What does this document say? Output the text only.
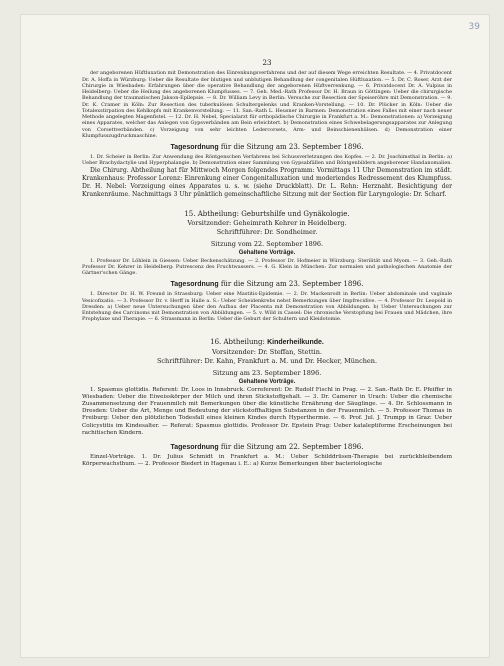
39
23

der angeborenen Hüftluxation mit Demonstration des Einrenkungsverfahrens und der auf diesem Wege erreichten Resultate. — 4. Privatdocent Dr. A. Hoffa in Würzburg: Ueber die Resultate der blutigen und unblutigen Behandlung der congenitalen Hüftluxation. — 5. Dr. C. Roser, Arzt der Chirurgie in Wiesbaden: Erfahrungen über die operative Behandlung der angeborenen Hüftverrenkung. — 6. Privatdocent Dr. A. Vulpius in Heidelberg: Ueber die Heilung des angeborenen Klumpfusses. — 7. Geh. Med.-Rath Professor Dr. H. Braun in Göttingen: Ueber die chirurgische Behandlung der traumatischen Jakson-Epilepsie. — 8. Dr. William Levy in Berlin: Versuche zur Resection der Speiseröhre mit Demonstration. — 9. Dr. K. Cramer in Köln: Zur Resection des tuberkulösen Schultergelenks und Kranken-Vorstellung. — 10. Dr. Plücker in Köln: Ueber die Totalexstirpation des Kehlkopfs mit Krankenvorstellung. — 11. San.-Rath L. Heusner in Barmen: Demonstration eines Falles mit einer nach neuer Methode angelegten Magenfistel. — 12. Dr. H. Nebel, Specialarzt für orthopädische Chirurgie in Frankfurt a. M.: Demonstrationen: a) Vorzeigung eines Apparates, welcher das Anlegen von Gypsverbänden am Bein erleichtert. b) Demonstration eines Schwebelagerungsapparates zur Anlegung von Corsettverbänden. c) Vorzeigung von sehr leichten Ledercorsets, Arm- und Beinschienenhülsen. d) Demonstration einer Klumpfusszugdruckmaschine.

Tagesordnung für die Sitzung am 23. September 1896.

1. Dr. Scheier in Berlin: Zur Anwendung des Röntgenschen Verfahrens bei Schussverletzungen des Kopfes. — 2. Dr. Joachimsthal in Berlin: a) Ueber Brachydactylie und Hyperphalangie. b) Demonstration einer Sammlung von Gypsabfällen und Röntgenbildern angeborener Handanomalien.

Die Chirurg. Abtheilung hat für Mittwoch Morgen folgendes Programm: Vormittags 11 Uhr Demonstration im städt. Krankenhaus: Professor Lorenz: Einrenkung einer Congenitalluxation und moderiendes Redressement des Klumpfuss. Dr. H. Nebel: Vorzeigung eines Apparates u. s. w. (siehe Druckblatt). Dr. L. Rehn: Herznaht. Besichtigung der Krankenräume. Nachmittags 3 Uhr pünktlich gemeinschaftliche Sitzung mit der Section für Laryngologie: Dr. Scharf.

15. Abtheilung: Geburtshilfe und Gynäkologie.

Vorsitzender: Geheimrath Kehrer in Heidelberg.

Schriftführer: Dr. Sondheimer.

Sitzung vom 22. September 1896.

Gehaltene Vorträge.

1. Professor Dr. Löhlein in Giessen: Ueber Beckenschätzung. — 2. Professor Dr. Hofmeier in Würzburg: Sterilität und Myom. — 3. Geh.-Rath Professor Dr. Kehrer in Heidelberg: Putrescenz des Fruchtwassers. — 4. G. Klein in München: Zur normalen und pathologischen Anatomie der Gärtner'schen Gänge.

Tagesordnung für die Sitzung am 23. September 1896.

1. Director Dr. H. W. Freund in Strassburg: Ueber eine Mastitis-Epidemie. — 2. Dr. Mackenrodt in Berlin: Ueber abdominale und vaginale Vesicofixatio. — 3. Professor Dr. v. Herff in Halle a. S.: Ueber Scheidenkrebs nebst Bemerkungen über Impfrecidive. — 4. Professor Dr. Leopold in Dresden: a) Ueber neue Untersuchungen über den Aufbau der Placenta mit Demonstration von Abbildungen. b) Ueber Untersuchungen zur Entstehung des Carcinoms mit Demonstration von Abbildungen. — 5. v. Wild in Cassel: Die chronische Verstopfung bei Frauen und Mädchen, ihre Prophylaxe und Therapie. — 6. Strassmann in Berlin: Ueber die Geburt der Schultern und Kleidotomie.

16. Abtheilung: Kinderheilkunde.

Vorsitzender: Dr. Steffan, Stettin.

Schriftführer: Dr. Kahn, Frankfurt a. M. und Dr. Hecker, München.

Sitzung am 23. September 1896.

Gehaltene Vorträge.

1. Spasmus glottidis. Referent: Dr. Loos in Innsbruck. Correferent: Dr. Rudolf Fischl in Prag. — 2. San.-Rath Dr. E. Pfeiffer in Wiesbaden: Ueber die Eiweisskörper der Milch und ihren Stickstoffgehalt. — 3. Dr. Camerer in Urach: Ueber die chemische Zusammensetzung der Frauenmilch mit Bemerkungen über die künstliche Ernährung der Säuglinge. — 4. Dr. Schlossmann in Dresden: Ueber die Art, Menge und Bedeutung der stickstoffhaltigen Substanzen in der Frauenmilch. — 5. Professor Thomas in Freiburg: Ueber den plötzlichen Todesfall eines kleinen Kindes durch Hyperthermie. — 6. Prof. Jul. J. Trumpp in Graz: Ueber Colicystitis im Kindesalter. — Referat: Spasmus glottidis. Professor Dr. Epstein Prag: Ueber kataleptiforme Erscheinungen bei rachitischen Kindern.

Tagesordnung für die Sitzung am 22. September 1896.

Einzel-Vorträge. 1. Dr. Julius Schmidt in Frankfurt a. M.: Ueber Schilddrüsen-Therapie bei zurückbleibendem Körperwachsthum. — 2. Professor Biedert in Hagenau i. E.: a) Kurze Bemerkungen über bacteriologische
